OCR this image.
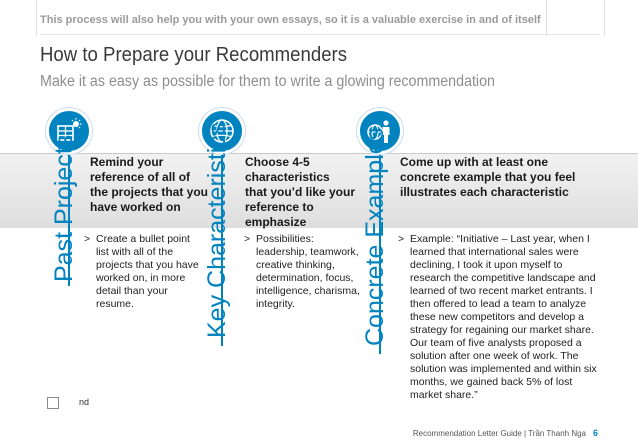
This process will also help you with your own essays, so it is a valuable exercise in and of itself
How to Prepare your Recommenders
Make it as easy as possible for them to write a glowing recommendation
Past Projects	Key Characteristics	Concrete Examples
Remind your reference of all of the projects that you have worked on
Choose 4-5 characteristics that you’d like your reference to emphasize
Come up with at least one concrete example that you feel illustrates each characteristic
> Create a bullet point list with all of the projects that you have worked on, in more detail than your resume.
> Possibilities: leadership, teamwork, creative thinking, determination, focus, intelligence, charisma, integrity.
> Example: “Initiative – Last year, when I learned that international sales were declining, I took it upon myself to research the competitive landscape and learned of two recent market entrants. I then offered to lead a team to analyze these new competitors and develop a strategy for regaining our market share. Our team of five analysts proposed a solution after one week of work. The solution was implemented and within six months, we gained back 5% of lost market share.”
nd
Recommendation Letter Guide | Trần Thanh Nga 6
